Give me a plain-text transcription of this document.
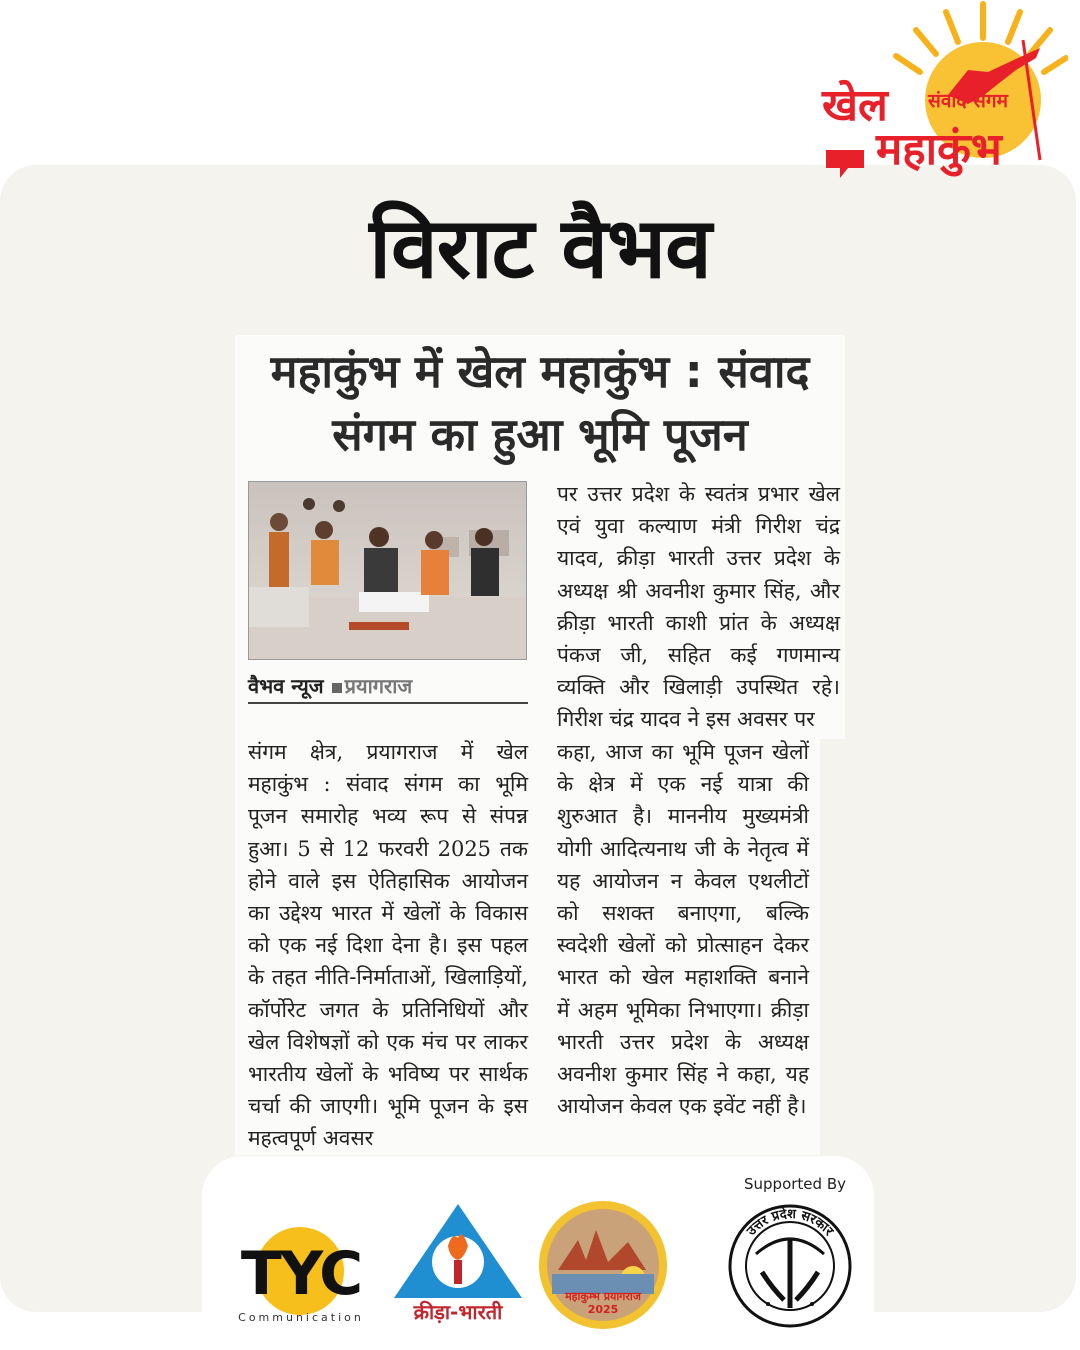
खेल संवाद संगम
महाकुंभ
विराट वैभव
महाकुंभ में खेल महाकुंभ : संवाद संगम का हुआ भूमि पूजन
वैभव न्यूज प्रयागराज
संगम क्षेत्र, प्रयागराज में खेल महाकुंभ : संवाद संगम का भूमि पूजन समारोह भव्य रूप से संपन्न हुआ। 5 से 12 फरवरी 2025 तक होने वाले इस ऐतिहासिक आयोजन का उद्देश्य भारत में खेलों के विकास को एक नई दिशा देना है। इस पहल के तहत नीति-निर्माताओं, खिलाड़ियों, कॉर्पोरेट जगत के प्रतिनिधियों और खेल विशेषज्ञों को एक मंच पर लाकर भारतीय खेलों के भविष्य पर सार्थक चर्चा की जाएगी। भूमि पूजन के इस महत्वपूर्ण अवसर
पर उत्तर प्रदेश के स्वतंत्र प्रभार खेल एवं युवा कल्याण मंत्री गिरीश चंद्र यादव, क्रीड़ा भारती उत्तर प्रदेश के अध्यक्ष श्री अवनीश कुमार सिंह, और क्रीड़ा भारती काशी प्रांत के अध्यक्ष पंकज जी, सहित कई गणमान्य व्यक्ति और खिलाड़ी उपस्थित रहे। गिरीश चंद्र यादव ने इस अवसर पर
कहा, आज का भूमि पूजन खेलों के क्षेत्र में एक नई यात्रा की शुरुआत है। माननीय मुख्यमंत्री योगी आदित्यनाथ जी के नेतृत्व में यह आयोजन न केवल एथलीटों को सशक्त बनाएगा, बल्कि स्वदेशी खेलों को प्रोत्साहन देकर भारत को खेल महाशक्ति बनाने में अहम भूमिका निभाएगा। क्रीड़ा भारती उत्तर प्रदेश के अध्यक्ष अवनीश कुमार सिंह ने कहा, यह आयोजन केवल एक इवेंट नहीं है।
Supported By
TYC
Communication	क्रीड़ा-भारती
महाकुम्भ प्रयागराज
2025
उत्तर प्रदेश सरकार
